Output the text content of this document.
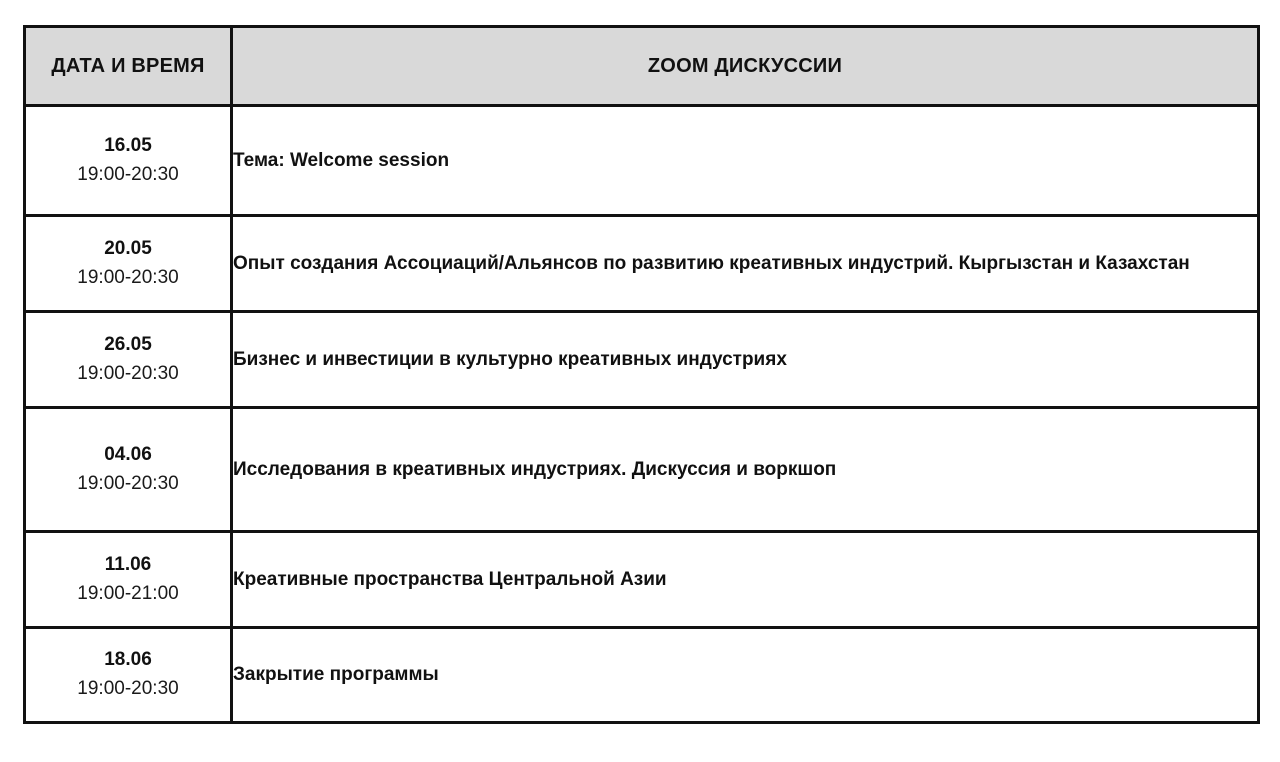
ДАТА И ВРЕМЯ	ZOOM ДИСКУССИИ

16.05
19:00-20:30	Тема: Welcome session

20.05
19:00-20:30	Опыт создания Ассоциаций/Альянсов по развитию креативных индустрий. Кыргызстан и Казахстан

26.05
19:00-20:30	Бизнес и инвестиции в культурно креативных индустриях

04.06
19:00-20:30	Исследования в креативных индустриях. Дискуссия и воркшоп

11.06
19:00-21:00	Креативные пространства Центральной Азии

18.06
19:00-20:30	Закрытие программы
